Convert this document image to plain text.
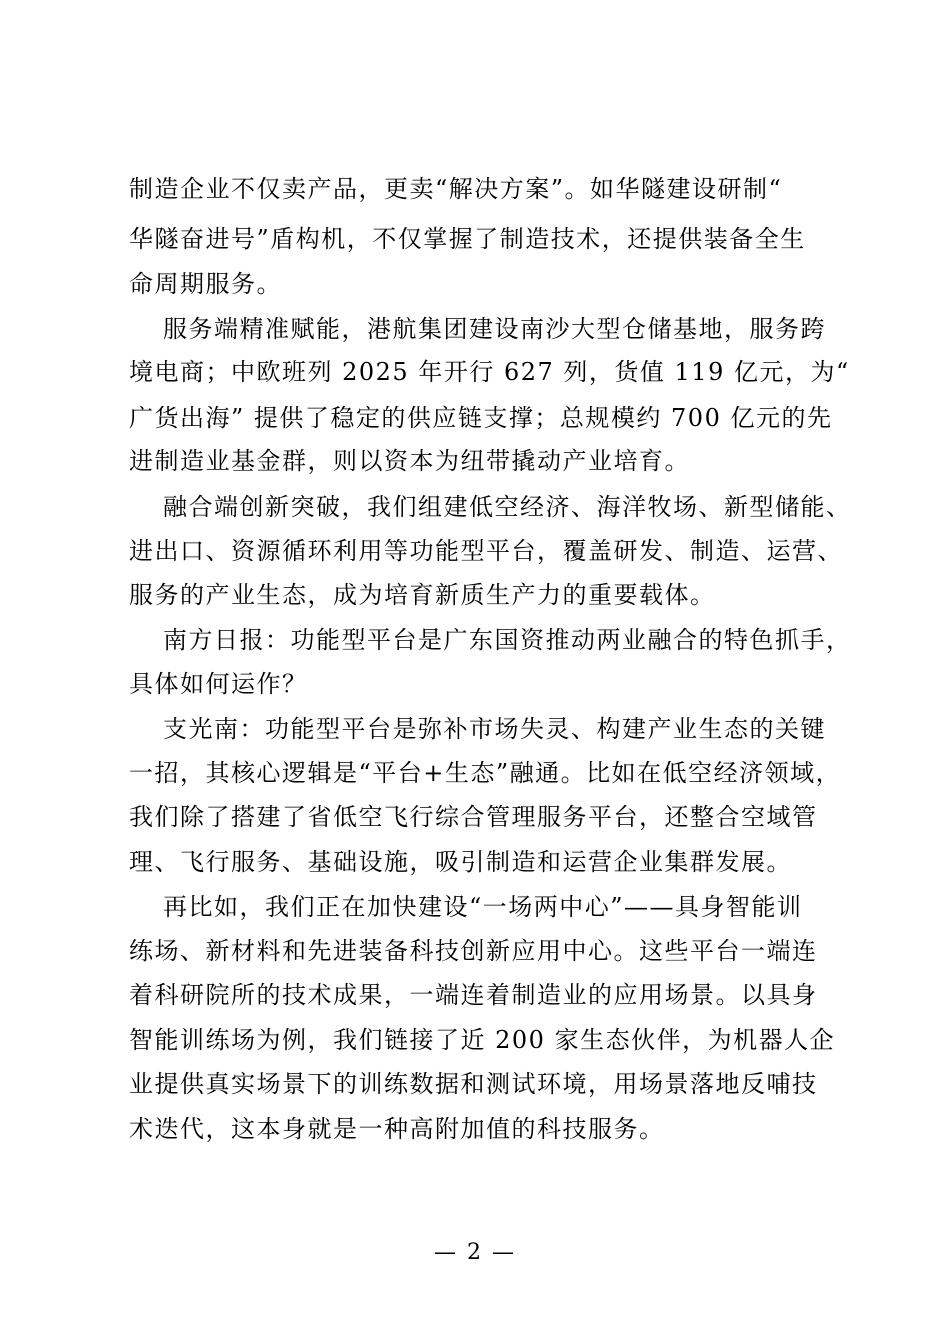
制造企业不仅卖产品，更卖“解决方案”。如华隧建设研制“
华隧奋进号”盾构机，不仅掌握了制造技术，还提供装备全生
命周期服务。
服务端精准赋能，港航集团建设南沙大型仓储基地，服务跨
境电商；中欧班列 2025 年开行 627 列，货值 119 亿元，为“
广货出海” 提供了稳定的供应链支撑；总规模约 700 亿元的先
进制造业基金群，则以资本为纽带撬动产业培育。
融合端创新突破，我们组建低空经济、海洋牧场、新型储能、
进出口、资源循环利用等功能型平台，覆盖研发、制造、运营、
服务的产业生态，成为培育新质生产力的重要载体。
南方日报：功能型平台是广东国资推动两业融合的特色抓手，
具体如何运作？
支光南：功能型平台是弥补市场失灵、构建产业生态的关键
一招，其核心逻辑是“平台+生态”融通。比如在低空经济领域，
我们除了搭建了省低空飞行综合管理服务平台，还整合空域管
理、飞行服务、基础设施，吸引制造和运营企业集群发展。
再比如，我们正在加快建设“一场两中心”——具身智能训
练场、新材料和先进装备科技创新应用中心。这些平台一端连
着科研院所的技术成果，一端连着制造业的应用场景。以具身
智能训练场为例，我们链接了近 200 家生态伙伴，为机器人企
业提供真实场景下的训练数据和测试环境，用场景落地反哺技
术迭代，这本身就是一种高附加值的科技服务。
— 2 —
